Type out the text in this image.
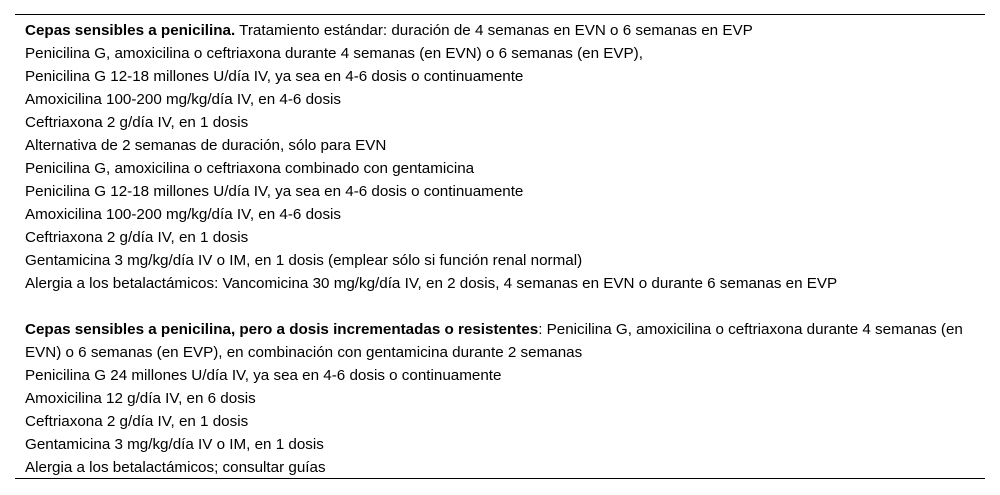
Cepas sensibles a penicilina. Tratamiento estándar: duración de 4 semanas en EVN o 6 semanas en EVP
Penicilina G, amoxicilina o ceftriaxona durante 4 semanas (en EVN) o 6 semanas (en EVP),
Penicilina G 12-18 millones U/día IV, ya sea en 4-6 dosis o continuamente
Amoxicilina 100-200 mg/kg/día IV, en 4-6 dosis
Ceftriaxona 2 g/día IV, en 1 dosis
Alternativa de 2 semanas de duración, sólo para EVN
Penicilina G, amoxicilina o ceftriaxona combinado con gentamicina
Penicilina G 12-18 millones U/día IV, ya sea en 4-6 dosis o continuamente
Amoxicilina 100-200 mg/kg/día IV, en 4-6 dosis
Ceftriaxona 2 g/día IV, en 1 dosis
Gentamicina 3 mg/kg/día IV o IM, en 1 dosis (emplear sólo si función renal normal)
Alergia a los betalactámicos: Vancomicina 30 mg/kg/día IV, en 2 dosis, 4 semanas en EVN o durante 6 semanas en EVP
Cepas sensibles a penicilina, pero a dosis incrementadas o resistentes: Penicilina G, amoxicilina o ceftriaxona durante 4 semanas (en EVN) o 6 semanas (en EVP), en combinación con gentamicina durante 2 semanas
Penicilina G 24 millones U/día IV, ya sea en 4-6 dosis o continuamente
Amoxicilina 12 g/día IV, en 6 dosis
Ceftriaxona 2 g/día IV, en 1 dosis
Gentamicina 3 mg/kg/día IV o IM, en 1 dosis
Alergia a los betalactámicos; consultar guías
